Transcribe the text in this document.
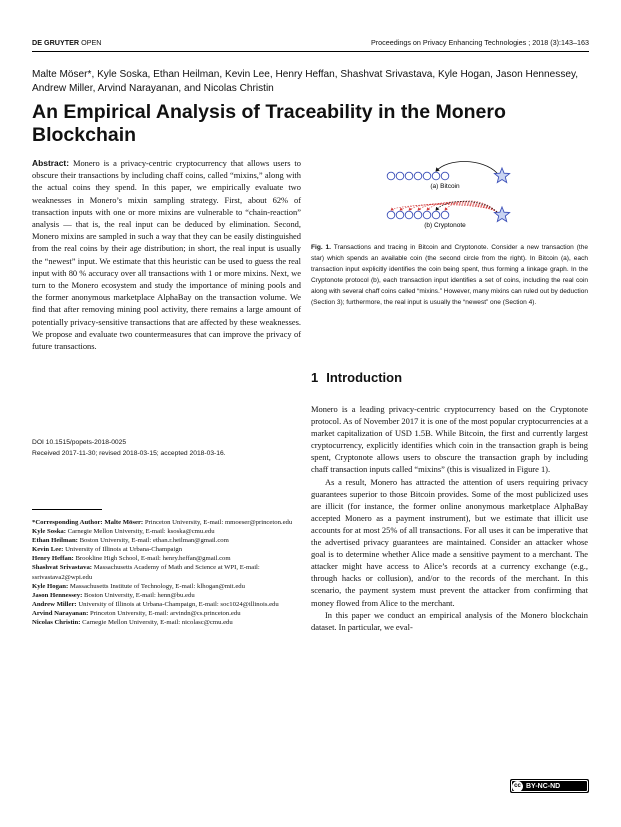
DE GRUYTER OPEN	Proceedings on Privacy Enhancing Technologies ; 2018 (3):143–163
Malte Möser*, Kyle Soska, Ethan Heilman, Kevin Lee, Henry Heffan, Shashvat Srivastava, Kyle Hogan, Jason Hennessey, Andrew Miller, Arvind Narayanan, and Nicolas Christin
An Empirical Analysis of Traceability in the Monero Blockchain
Abstract: Monero is a privacy-centric cryptocurrency that allows users to obscure their transactions by including chaff coins, called “mixins,” along with the actual coins they spend. In this paper, we empirically evaluate two weaknesses in Monero’s mixin sampling strategy. First, about 62% of transaction inputs with one or more mixins are vulnerable to “chain-reaction” analysis — that is, the real input can be deduced by elimination. Second, Monero mixins are sampled in such a way that they can be easily distinguished from the real coins by their age distribution; in short, the real input is usually the “newest” input. We estimate that this heuristic can be used to guess the real input with 80 % accuracy over all transactions with 1 or more mixins. Next, we turn to the Monero ecosystem and study the importance of mining pools and the former anonymous marketplace AlphaBay on the transaction volume. We find that after removing mining pool activity, there remains a large amount of potentially privacy-sensitive transactions that are affected by these weaknesses. We propose and evaluate two countermeasures that can improve the privacy of future transactions.
DOI 10.1515/popets-2018-0025
Received 2017-11-30; revised 2018-03-15; accepted 2018-03-16.

*Corresponding Author: Malte Möser: Princeton University, E-mail: mmoeser@princeton.edu

Kyle Soska: Carnegie Mellon University, E-mail: ksoska@cmu.edu

Ethan Heilman: Boston University, E-mail: ethan.r.heilman@gmail.com

Kevin Lee: University of Illinois at Urbana-Champaign

Henry Heffan: Brookline High School, E-mail: henry.heffan@gmail.com

Shashvat Srivastava: Massachusetts Academy of Math and Science at WPI, E-mail: ssrivastava2@wpi.edu

Kyle Hogan: Massachusetts Institute of Technology, E-mail: klhogan@mit.edu

Jason Hennessey: Boston University, E-mail: henn@bu.edu

Andrew Miller: University of Illinois at Urbana-Champaign, E-mail: soc1024@illinois.edu

Arvind Narayanan: Princeton University, E-mail: arvindn@cs.princeton.edu

Nicolas Christin: Carnegie Mellon University, E-mail: nicolasc@cmu.edu

(a) Bitcoin
(b) Cryptonote
Fig. 1. Transactions and tracing in Bitcoin and Cryptonote. Consider a new transaction (the star) which spends an available coin (the second circle from the right). In Bitcoin (a), each transaction input explicitly identifies the coin being spent, thus forming a linkage graph. In the Cryptonote protocol (b), each transaction input identifies a set of coins, including the real coin along with several chaff coins called “mixins.” However, many mixins can ruled out by deduction (Section 3); furthermore, the real input is usually the “newest” one (Section 4).
1 Introduction

Monero is a leading privacy-centric cryptocurrency based on the Cryptonote protocol. As of November 2017 it is one of the most popular cryptocurrencies at a market capitalization of USD 1.5B. While Bitcoin, the first and currently largest cryptocurrency, explicitly identifies which coin in the transaction graph is being spent, Cryptonote allows users to obscure the transaction graph by including chaff transaction inputs called “mixins” (this is visualized in Figure 1).

As a result, Monero has attracted the attention of users requiring privacy guarantees superior to those Bitcoin provides. Some of the most publicized uses are illicit (for instance, the former online anonymous marketplace AlphaBay accepted Monero as a payment instrument), but we estimate that illicit use accounts for at most 25% of all transactions. For all uses it can be imperative that the advertised privacy guarantees are maintained. Consider an attacker whose goal is to determine whether Alice made a sensitive payment to a merchant. The attacker might have access to Alice’s records at a currency exchange (e.g., through hacks or collusion), and/or to the records of the merchant. In this scenario, the payment system must prevent the attacker from confirming that money flowed from Alice to the merchant.

In this paper we conduct an empirical analysis of the Monero blockchain dataset. In particular, we eval-

cc BY-NC-ND
